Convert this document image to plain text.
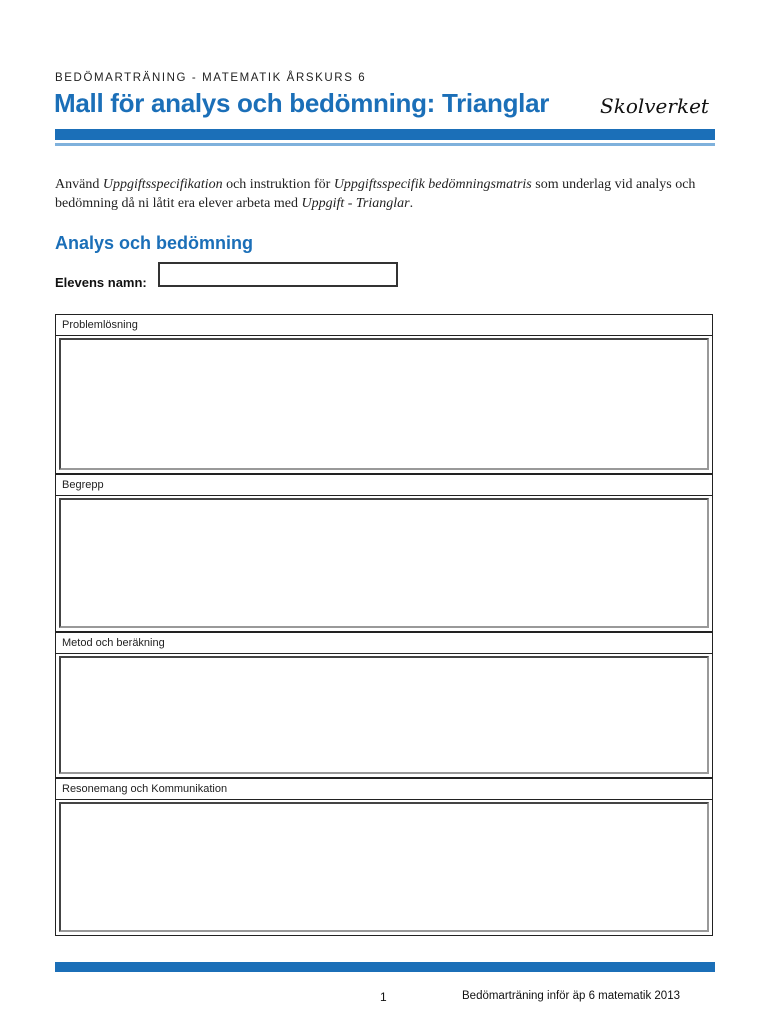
BEDÖMARTRÄNING - MATEMATIK ÅRSKURS 6
Mall för analys och bedömning: Trianglar	Skolverket

Använd Uppgiftsspecifikation och instruktion för Uppgiftsspecifik bedömningsmatris som underlag vid analys och bedömning då ni låtit era elever arbeta med Uppgift - Trianglar.

Analys och bedömning
Elevens namn:
Problemlösning
Begrepp
Metod och beräkning
Resonemang och Kommunikation
1	Bedömarträning inför äp 6 matematik 2013
